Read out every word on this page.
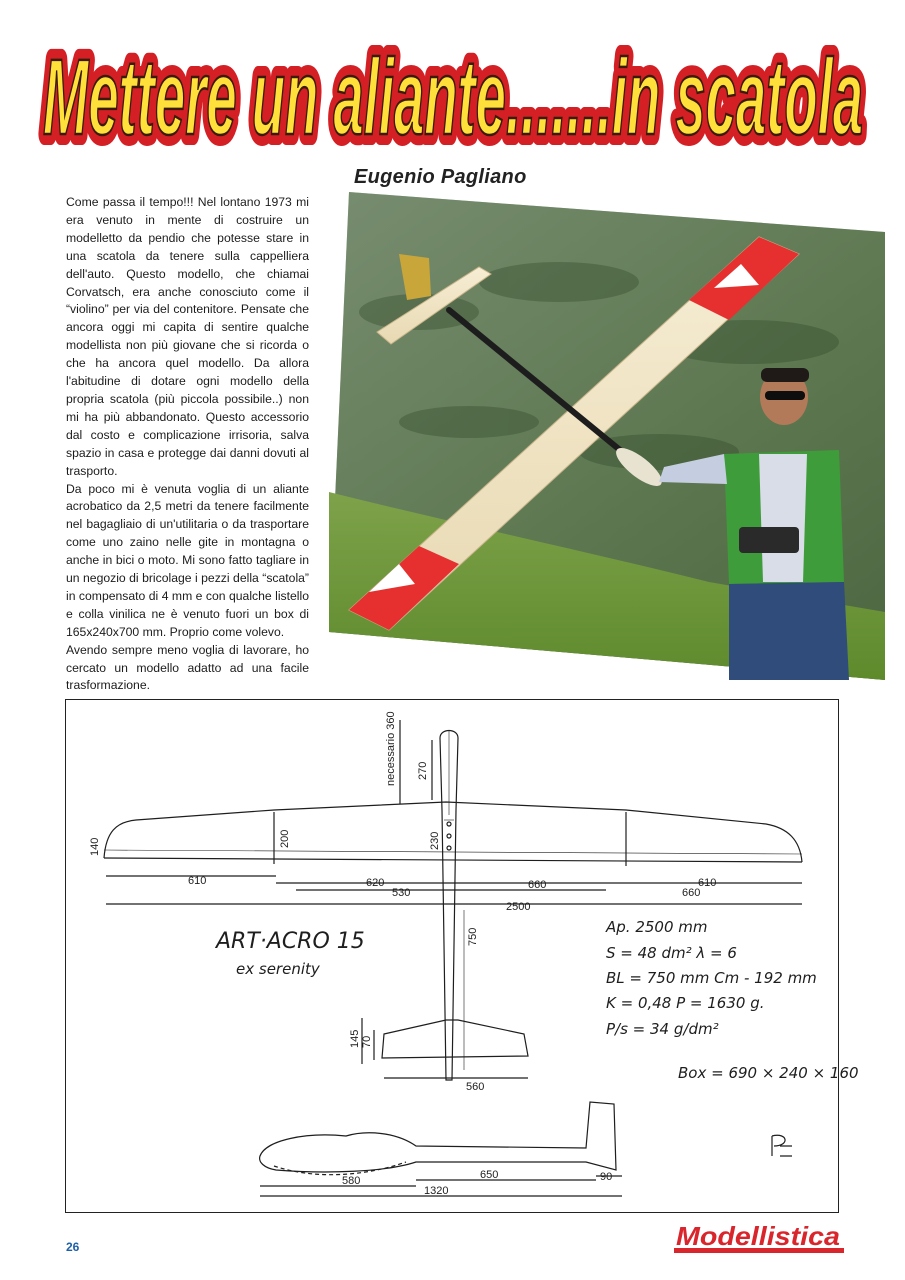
Mettere un aliante.......in scatola
Mettere un aliante.......in scatola
Eugenio Pagliano

Come passa il tempo!!! Nel lontano 1973 mi era venuto in mente di costruire un modelletto da pendio che potesse stare in una scatola da tenere sulla cappelliera dell'auto. Questo modello, che chiamai Corvatsch, era anche conosciuto come il “violino” per via del contenitore. Pensate che ancora oggi mi capita di sentire qualche modellista non più giovane che si ricorda o che ha ancora quel modello. Da allora l'abitudine di dotare ogni modello della propria scatola (più piccola possibile..) non mi ha più abbandonato. Questo accessorio dal costo e complicazione irrisoria, salva spazio in casa e protegge dai danni dovuti al trasporto.

Da poco mi è venuta voglia di un aliante acrobatico da 2,5 metri da tenere facilmente nel bagagliaio di un'utilitaria o da trasportare come uno zaino nelle gite in montagna o anche in bici o moto. Mi sono fatto tagliare in un negozio di bricolage i pezzi della “scatola” in compensato di 4 mm e con qualche listello e colla vinilica ne è venuto fuori un box di 165x240x700 mm. Proprio come volevo.

Avendo sempre meno voglia di lavorare, ho cercato un modello adatto ad una facile trasformazione.

necessario 360 270
230
140	200
610	620
530
660
660
610
2500
750
145 70
560
580	650	90
1320
ART·ACRO 15
ex serenity
Ap. 2500 mm
S = 48 dm² λ = 6
BL = 750 mm Cm - 192 mm
K = 0,48 P = 1630 g.
P/s = 34 g/dm²
Box = 690 × 240 × 160
26	Modellistica
